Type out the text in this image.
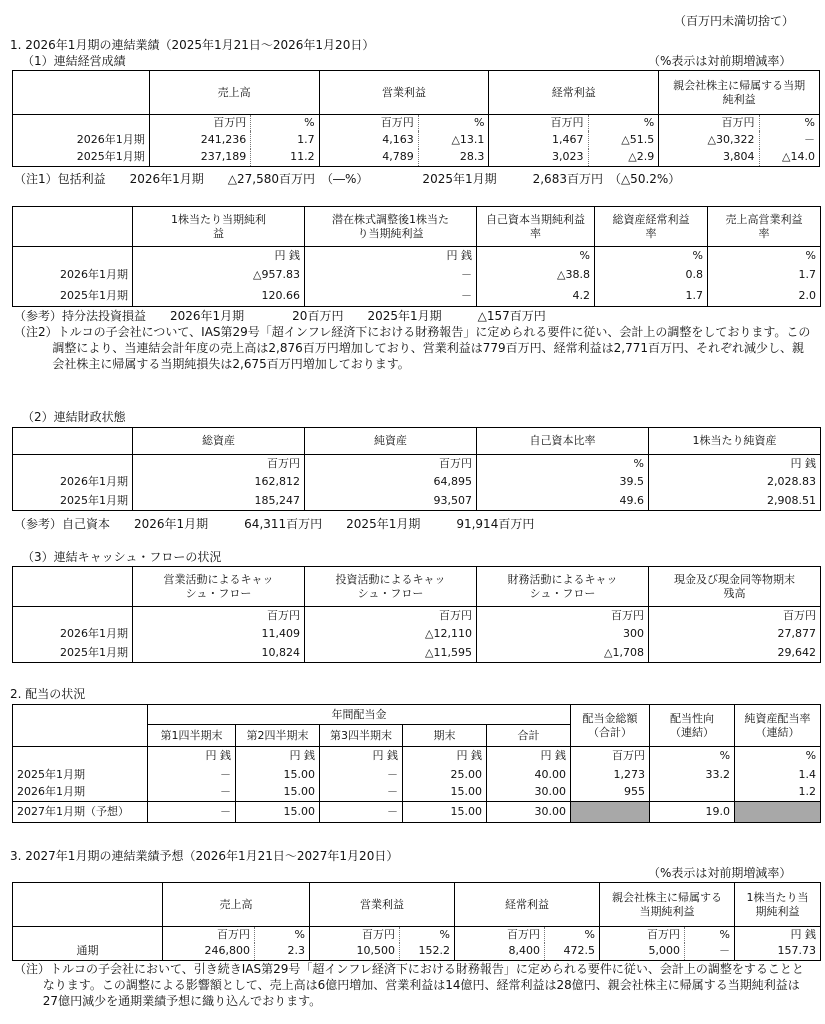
（百万円未満切捨て）
1. 2026年1月期の連結業績（2025年1月21日～2026年1月20日）
（1）連結経営成績	（%表示は対前期増減率）
	売上高		営業利益		経常利益		親会社株主に帰属する当期純利益	
	百万円	%	百万円	%	百万円	%	百万円	%
2026年1月期	241,236	1.7	4,163	△13.1	1,467	△51.5	△30,322	－
2025年1月期	237,189	11.2	4,789	28.3	3,023	△2.9	3,804	△14.0
（注1）包括利益　　2026年1月期　　△27,580百万円　（―%）　　　　　2025年1月期　　　2,683百万円　（△50.2%）
	1株当たり当期純利益	潜在株式調整後1株当たり当期純利益	自己資本当期純利益率	総資産経常利益率	売上高営業利益率
	円 銭	円 銭	%	%	%
2026年1月期	△957.83	－	△38.8	0.8	1.7
2025年1月期	120.66	－	4.2	1.7	2.0
（参考）持分法投資損益　　2026年1月期　　　　20百万円　　2025年1月期　　　△157百万円
（注2）トルコの子会社について、IAS第29号「超インフレ経済下における財務報告」に定められる要件に従い、会計上の調整をしております。この調整により、当連結会計年度の売上高は2,876百万円増加しており、営業利益は779百万円、経常利益は2,771百万円、それぞれ減少し、親会社株主に帰属する当期純損失は2,675百万円増加しております。
（2）連結財政状態
	総資産	純資産	自己資本比率	1株当たり純資産
	百万円	百万円	%	円 銭
2026年1月期	162,812	64,895	39.5	2,028.83
2025年1月期	185,247	93,507	49.6	2,908.51
（参考）自己資本　　2026年1月期　　　64,311百万円　　2025年1月期　　　91,914百万円
（3）連結キャッシュ・フローの状況
	営業活動によるキャッシュ・フロー	投資活動によるキャッシュ・フロー	財務活動によるキャッシュ・フロー	現金及び現金同等物期末残高
	百万円	百万円	百万円	百万円
2026年1月期	11,409	△12,110	300	27,877
2025年1月期	10,824	△11,595	△1,708	29,642
2. 配当の状況
	年間配当金					配当金総額（合計）	配当性向（連結）	純資産配当率（連結）
	第1四半期末	第2四半期末	第3四半期末	期末	合計			
	円 銭	円 銭	円 銭	円 銭	円 銭	百万円	%	%
2025年1月期	－	15.00	－	25.00	40.00	1,273	33.2	1.4
2026年1月期	－	15.00	－	15.00	30.00	955		1.2
2027年1月期（予想）	－	15.00	－	15.00	30.00		19.0	
3. 2027年1月期の連結業績予想（2026年1月21日～2027年1月20日）
（%表示は対前期増減率）
	売上高		営業利益		経常利益		親会社株主に帰属する当期純利益		1株当たり当期純利益
	百万円	%	百万円	%	百万円	%	百万円	%	円 銭
通期	246,800	2.3	10,500	152.2	8,400	472.5	5,000	－	157.73
（注）トルコの子会社において、引き続きIAS第29号「超インフレ経済下における財務報告」に定められる要件に従い、会計上の調整をすることとなります。この調整による影響額として、売上高は6億円増加、営業利益は14億円、経常利益は28億円、親会社株主に帰属する当期純利益は27億円減少を通期業績予想に織り込んでおります。
